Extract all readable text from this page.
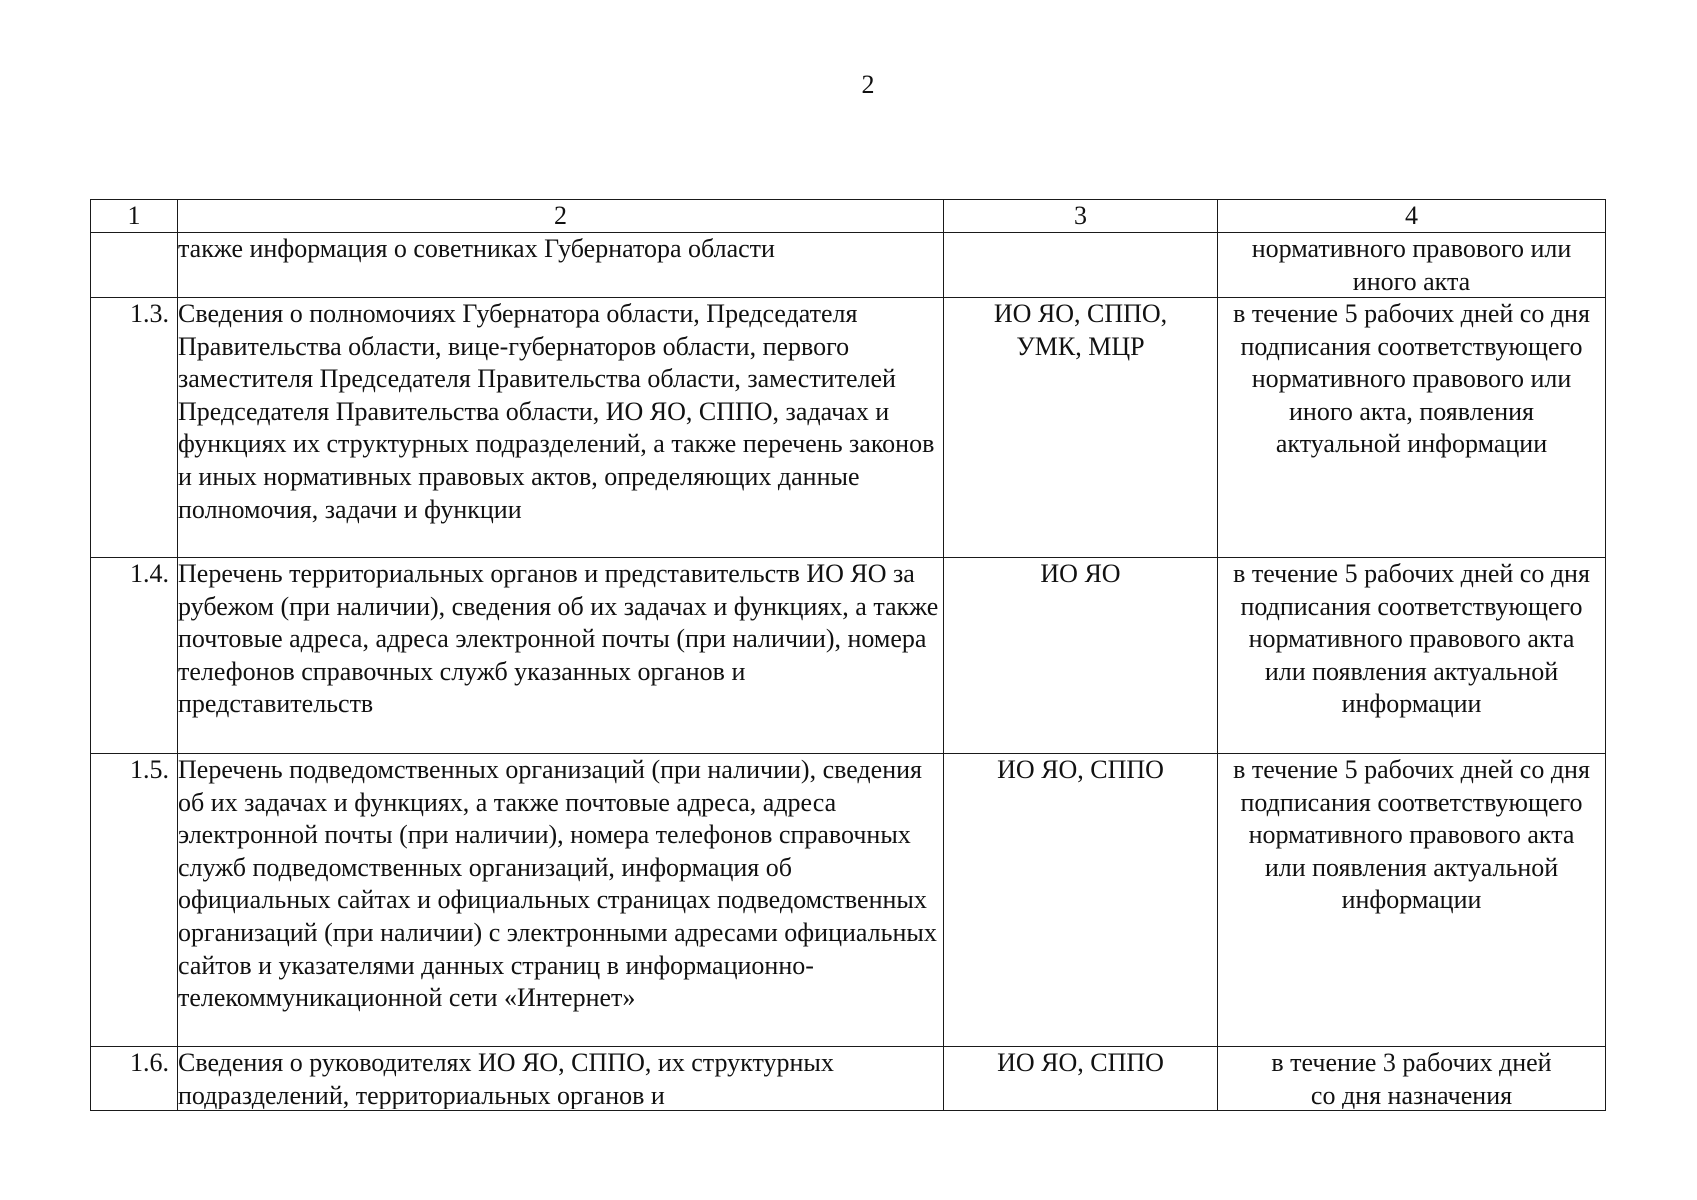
2
1	2	3	4
	также информация о советниках Губернатора области		нормативного правового или иного акта

1.3.	Сведения о полномочиях Губернатора области, Председателя Правительства области, вице-губернаторов области, первого заместителя Председателя Правительства области, заместителей Председателя Правительства области, ИО ЯО, СППО, задачах и функциях их структурных подразделений, а также перечень законов и иных нормативных правовых актов, определяющих данные полномочия, задачи и функции	ИО ЯО, СППО, УМК, МЦР	в течение 5 рабочих дней со дня подписания соответствующего нормативного правового или иного акта, появления актуальной информации

1.4.	Перечень территориальных органов и представительств ИО ЯО за рубежом (при наличии), сведения об их задачах и функциях, а также почтовые адреса, адреса электронной почты (при наличии), номера телефонов справочных служб указанных органов и представительств	ИО ЯО	в течение 5 рабочих дней со дня подписания соответствующего нормативного правового акта или появления актуальной информации

1.5.	Перечень подведомственных организаций (при наличии), сведения об их задачах и функциях, а также почтовые адреса, адреса электронной почты (при наличии), номера телефонов справочных служб подведомственных организаций, информация об официальных сайтах и официальных страницах подведомственных организаций (при наличии) с электронными адресами официальных сайтов и указателями данных страниц в информационно-телекоммуникационной сети «Интернет»	ИО ЯО, СППО	в течение 5 рабочих дней со дня подписания соответствующего нормативного правового акта или появления актуальной информации

1.6.	Сведения о руководителях ИО ЯО, СППО, их структурных подразделений, территориальных органов и	ИО ЯО, СППО	в течение 3 рабочих дней со дня назначения
